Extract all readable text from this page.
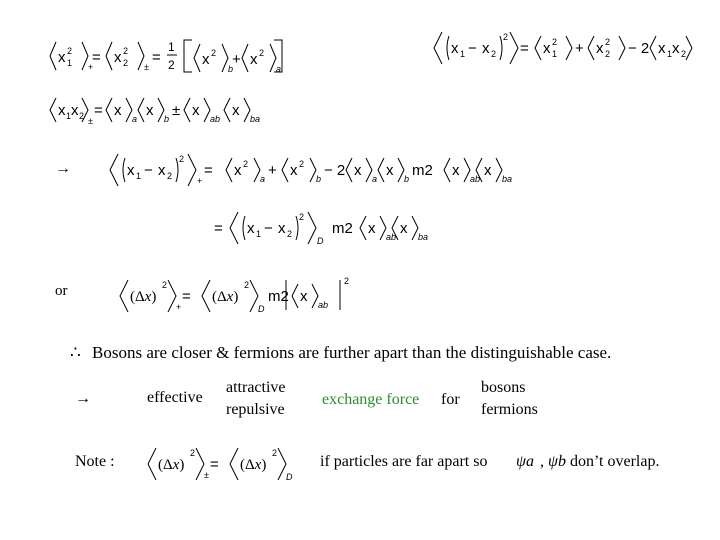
x 2
1 +
= x 2
2 ±
=
1
2 x 2
b
+ x 2
a
x 1 − x 2
2
= x 2
1 + x 2
2 − 2 x 1 x 2
x 1 x 2 ±
= x a x b ± x ab x ba
→	x 1 − x 2
2
+
= x 2
a + x 2
b − 2 x a x b m2 x ab x ba
= x 1 − x 2
2
D
m2 x ab x ba
or	(Δx)
2
+
= (Δx)
2
D
m2 x ab
2
∴ Bosons are closer & fermions are further apart than the distinguishable case.
→	effective
attractive
repulsive
exchange force for
bosons
fermions
Note :	(Δx)
2
±
= (Δx)
2
D
if particles are far apart so ψa , ψb don’t overlap.
